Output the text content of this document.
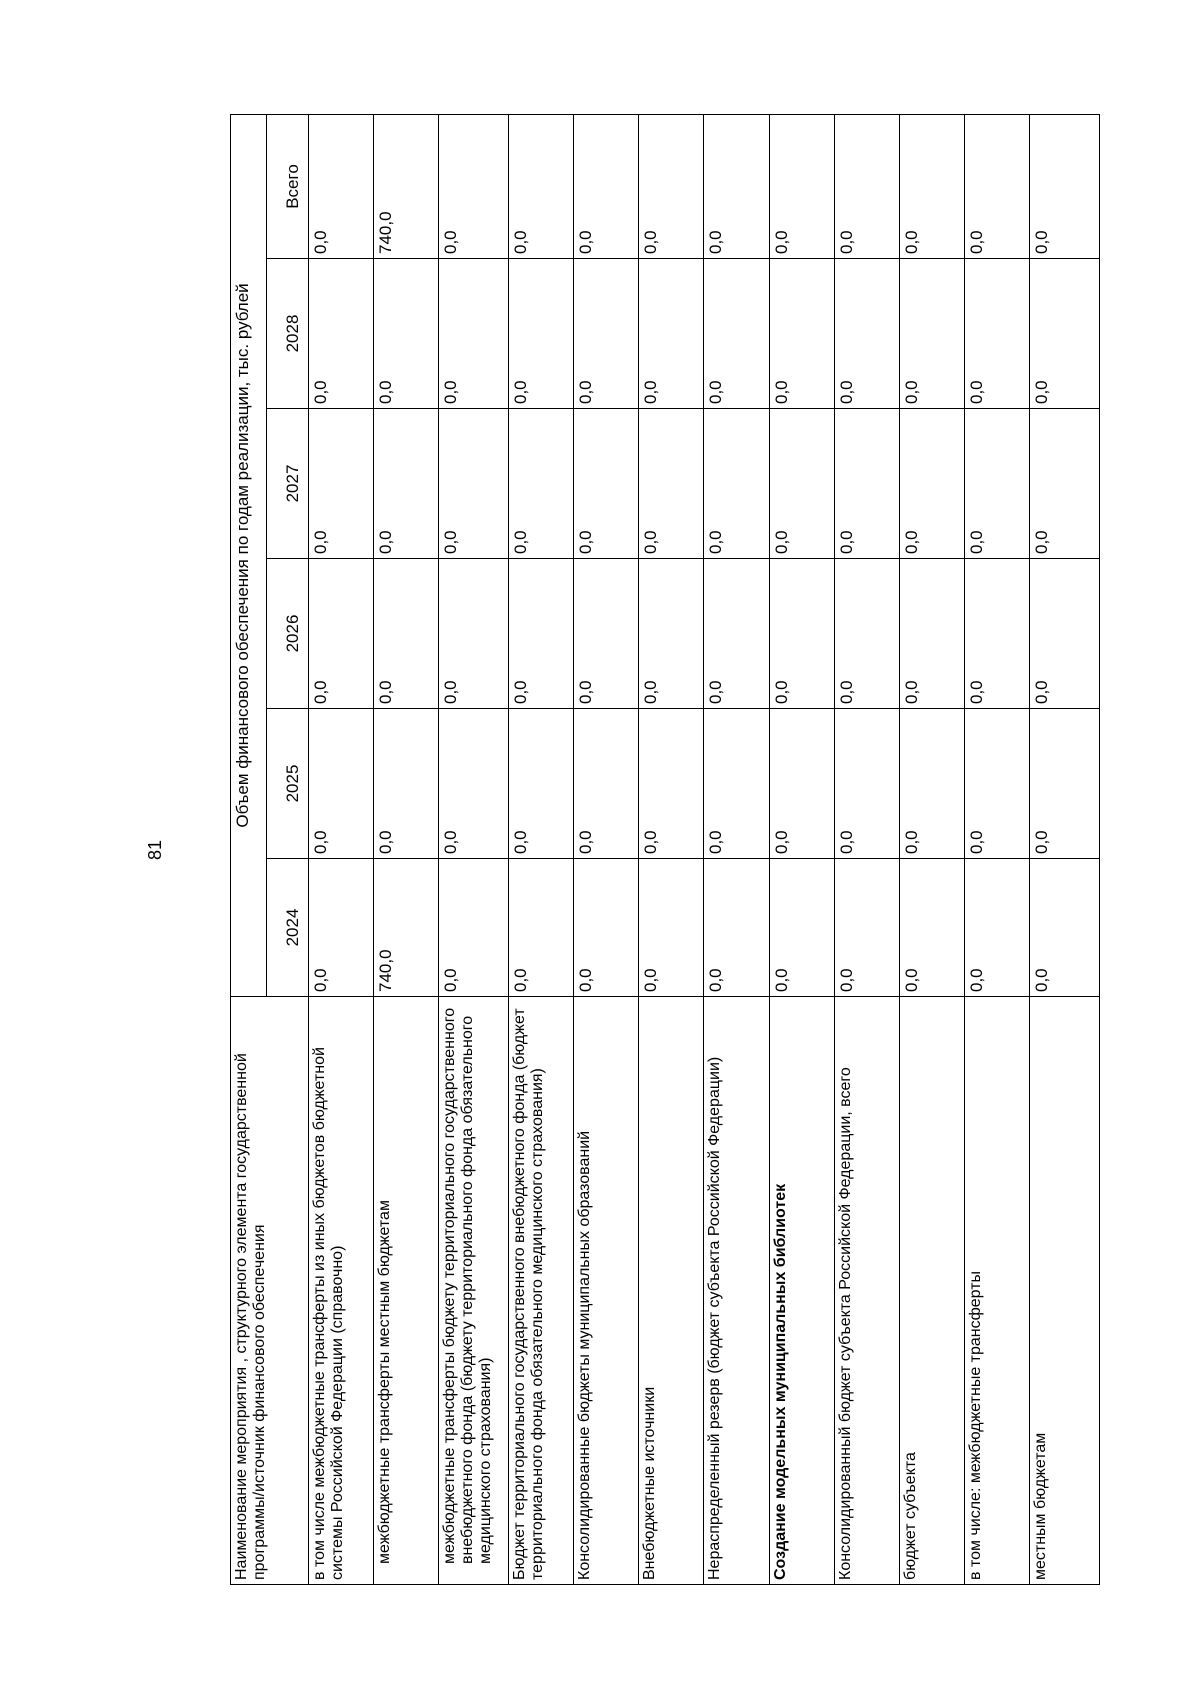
81
Наименование мероприятия , структурного элемента государственной программы/источник финансового обеспечения	Объем финансового обеспечения по годам реализации, тыс. рублей					
	2024	2025	2026	2027	2028	Всего
в том числе межбюджетные трансферты из иных бюджетов бюджетной системы Российской Федерации (справочно)	0,0	0,0	0,0	0,0	0,0	0,0
межбюджетные трансферты местным бюджетам	740,0	0,0	0,0	0,0	0,0	740,0
межбюджетные трансферты бюджету территориального государственного внебюджетного фонда (бюджету территориального фонда обязательного медицинского страхования)	0,0	0,0	0,0	0,0	0,0	0,0
Бюджет территориального государственного внебюджетного фонда (бюджет территориального фонда обязательного медицинского страхования)	0,0	0,0	0,0	0,0	0,0	0,0
Консолидированные бюджеты муниципальных образований	0,0	0,0	0,0	0,0	0,0	0,0
Внебюджетные источники	0,0	0,0	0,0	0,0	0,0	0,0
Нераспределенный резерв (бюджет субъекта Российской Федерации)	0,0	0,0	0,0	0,0	0,0	0,0
Создание модельных муниципальных библиотек	0,0	0,0	0,0	0,0	0,0	0,0
Консолидированный бюджет субъекта Российской Федерации, всего	0,0	0,0	0,0	0,0	0,0	0,0
бюджет субъекта	0,0	0,0	0,0	0,0	0,0	0,0
в том числе: межбюджетные трансферты	0,0	0,0	0,0	0,0	0,0	0,0
местным бюджетам	0,0	0,0	0,0	0,0	0,0	0,0
